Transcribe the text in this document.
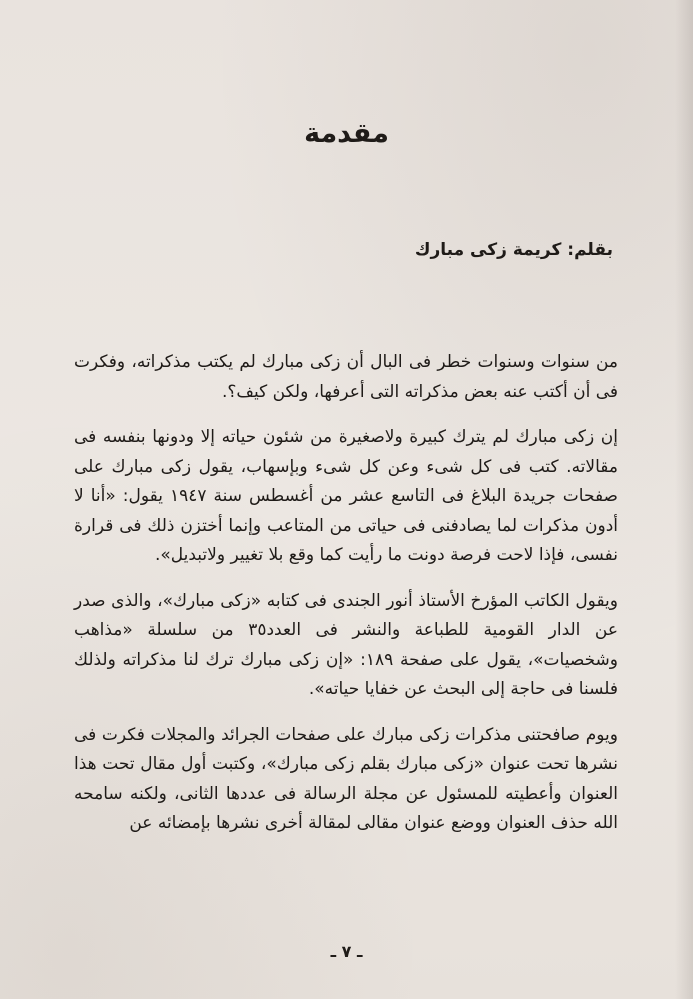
مقدمة

بقلم: كريمة زكى مبارك

من سنوات وسنوات خطر فى البال أن زكى مبارك لم يكتب مذكراته، وفكرت فى أن أكتب عنه بعض مذكراته التى أعرفها، ولكن كيف؟.

إن زكى مبارك لم يترك كبيرة ولاصغيرة من شئون حياته إلا ودونها بنفسه فى مقالاته. كتب فى كل شىء وعن كل شىء وبإسهاب، يقول زكى مبارك على صفحات جريدة البلاغ فى التاسع عشر من أغسطس سنة ١٩٤٧ يقول: «أنا لا أدون مذكرات لما يصادفنى فى حياتى من المتاعب وإنما أختزن ذلك فى قرارة نفسى، فإذا لاحت فرصة دونت ما رأيت كما وقع بلا تغيير ولاتبديل».

ويقول الكاتب المؤرخ الأستاذ أنور الجندى فى كتابه «زكى مبارك»، والذى صدر عن الدار القومية للطباعة والنشر فى العدد٣٥ من سلسلة «مذاهب وشخصيات»، يقول على صفحة ١٨٩: «إن زكى مبارك ترك لنا مذكراته ولذلك فلسنا فى حاجة إلى البحث عن خفايا حياته».

ويوم صافحتنى مذكرات زكى مبارك على صفحات الجرائد والمجلات فكرت فى نشرها تحت عنوان «زكى مبارك بقلم زكى مبارك»، وكتبت أول مقال تحت هذا العنوان وأعطيته للمسئول عن مجلة الرسالة فى عددها الثانى، ولكنه سامحه الله حذف العنوان ووضع عنوان مقالى لمقالة أخرى نشرها بإمضائه عن

ـ ٧ ـ
